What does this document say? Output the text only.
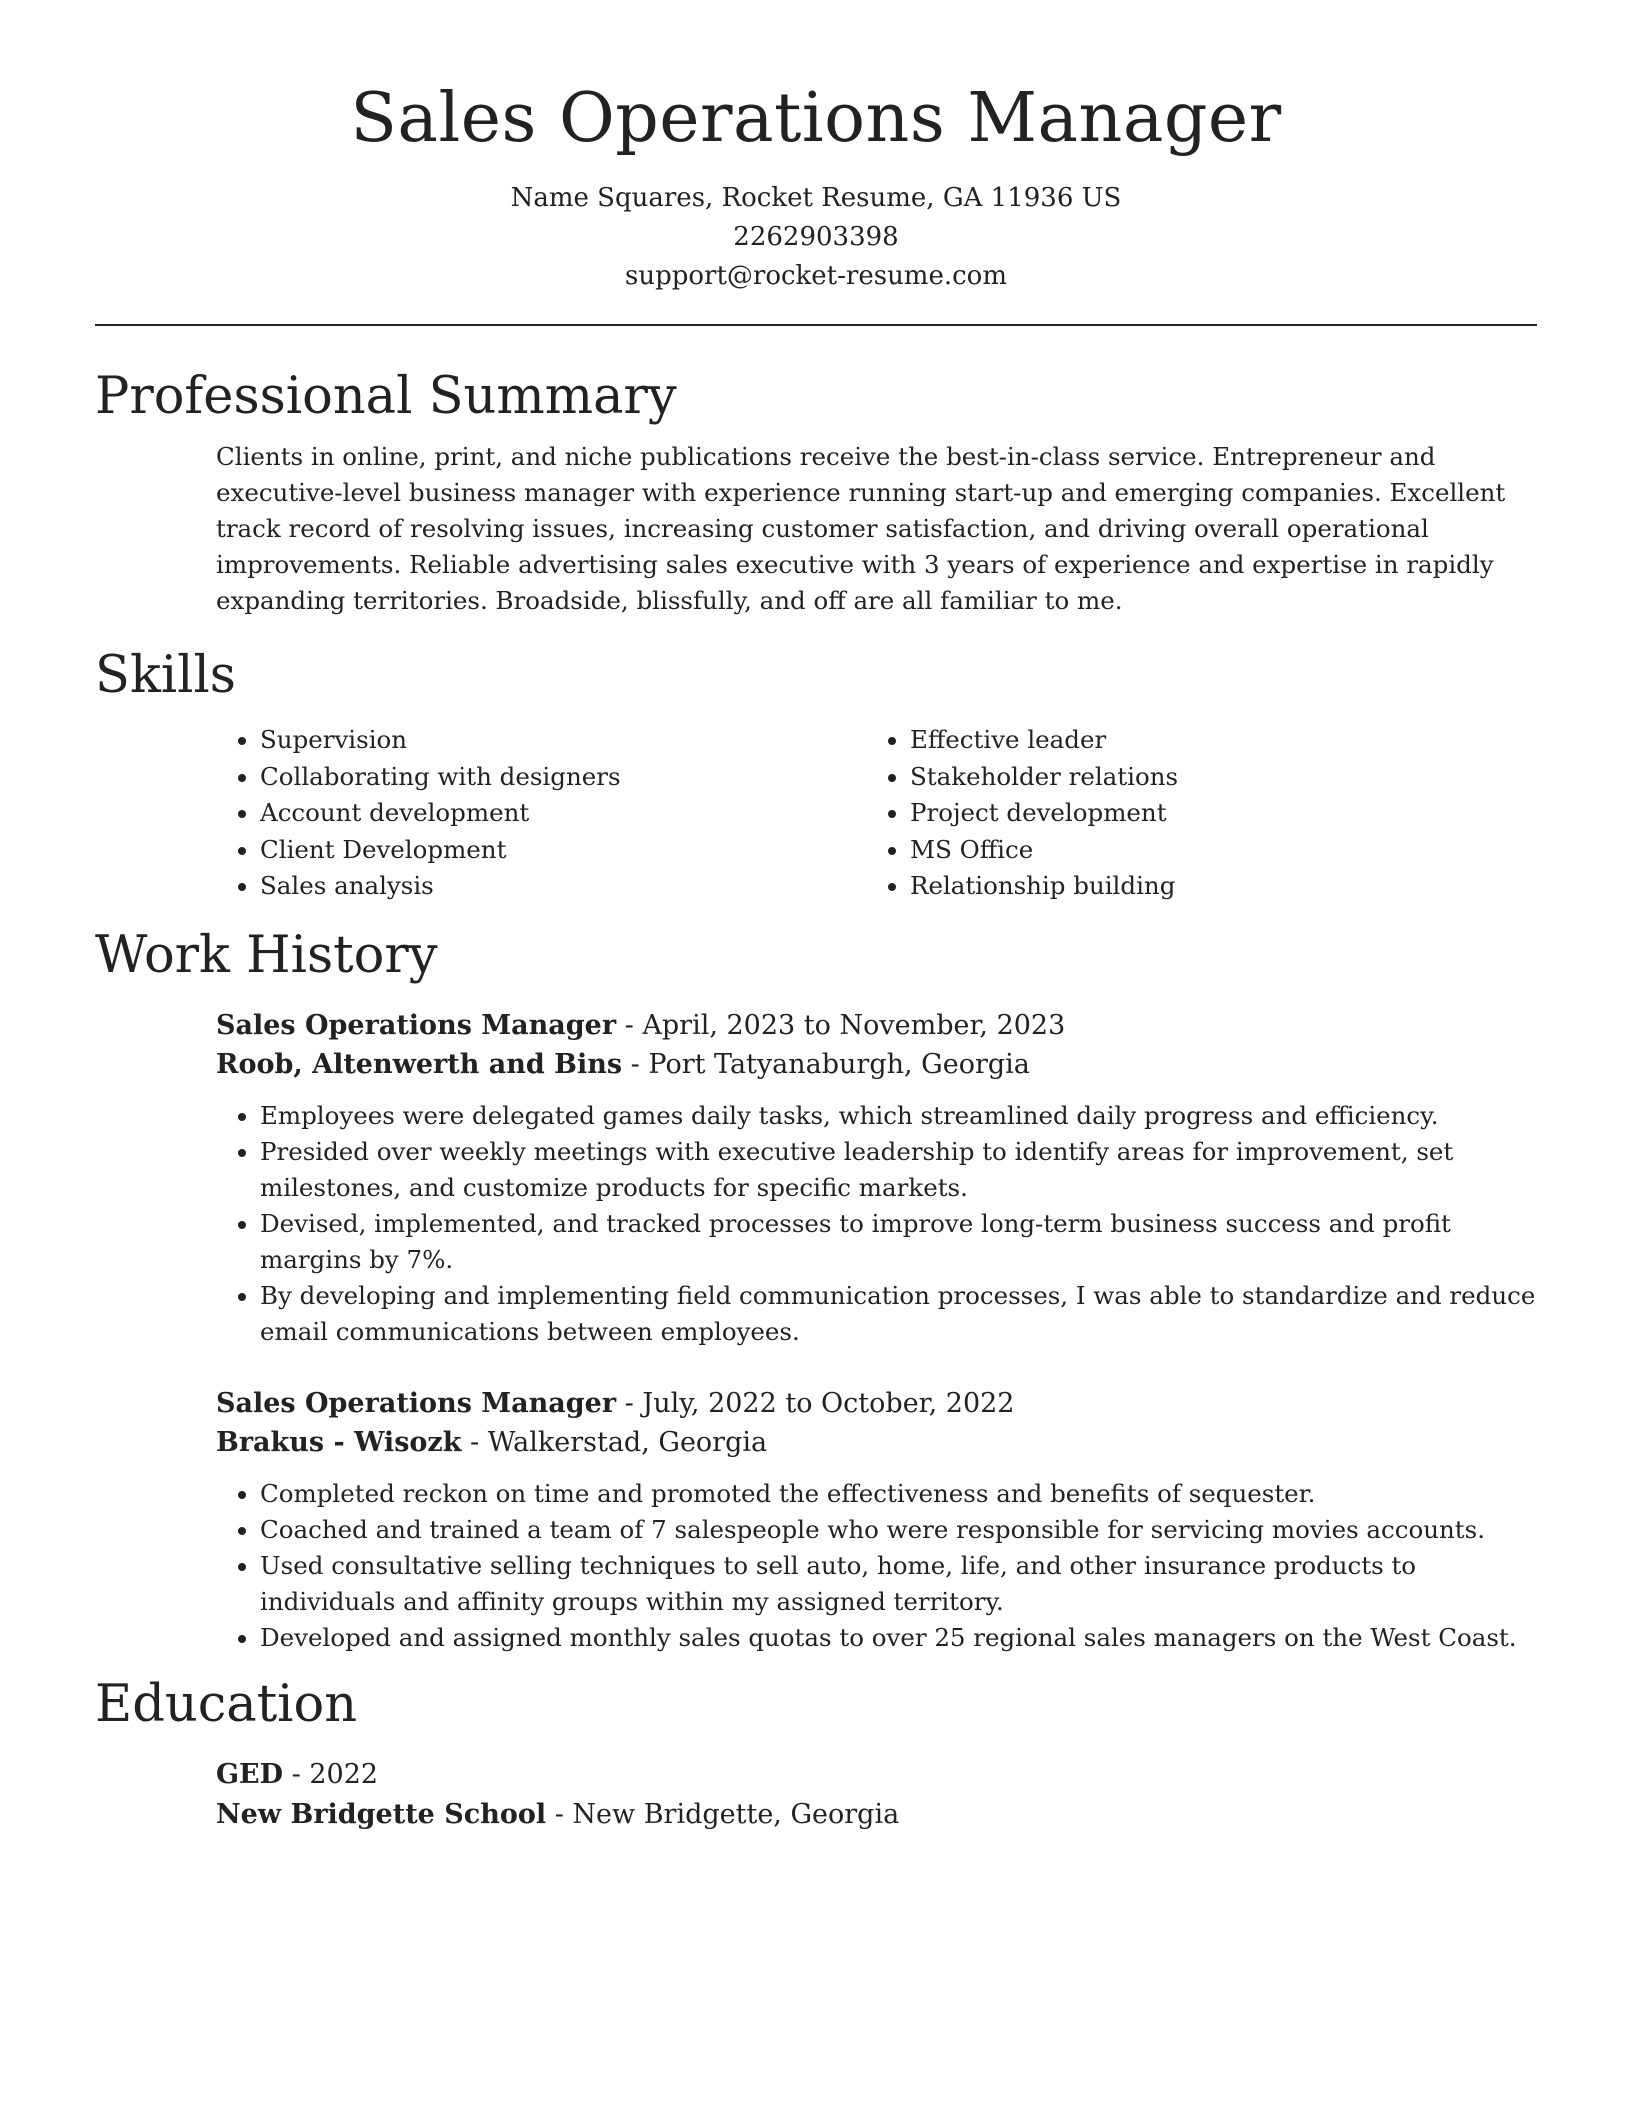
Sales Operations Manager
Name Squares, Rocket Resume, GA 11936 US
2262903398
support@rocket-resume.com
Professional Summary

Clients in online, print, and niche publications receive the best-in-class service. Entrepreneur and executive-level business manager with experience running start-up and emerging companies. Excellent track record of resolving issues, increasing customer satisfaction, and driving overall operational improvements. Reliable advertising sales executive with 3 years of experience and expertise in rapidly expanding territories. Broadside, blissfully, and off are all familiar to me.

Skills
• Supervision
• Collaborating with designers
• Account development
• Client Development
• Sales analysis
• Effective leader
• Stakeholder relations
• Project development
• MS Office
• Relationship building
Work History
Sales Operations Manager - April, 2023 to November, 2023
Roob, Altenwerth and Bins - Port Tatyanaburgh, Georgia
• Employees were delegated games daily tasks, which streamlined daily progress and efficiency.
• Presided over weekly meetings with executive leadership to identify areas for improvement, set milestones, and customize products for specific markets.
• Devised, implemented, and tracked processes to improve long-term business success and profit margins by 7%.
• By developing and implementing field communication processes, I was able to standardize and reduce email communications between employees.
Sales Operations Manager - July, 2022 to October, 2022
Brakus - Wisozk - Walkerstad, Georgia
• Completed reckon on time and promoted the effectiveness and benefits of sequester.
• Coached and trained a team of 7 salespeople who were responsible for servicing movies accounts.
• Used consultative selling techniques to sell auto, home, life, and other insurance products to individuals and affinity groups within my assigned territory.
• Developed and assigned monthly sales quotas to over 25 regional sales managers on the West Coast.
Education
GED - 2022
New Bridgette School - New Bridgette, Georgia
